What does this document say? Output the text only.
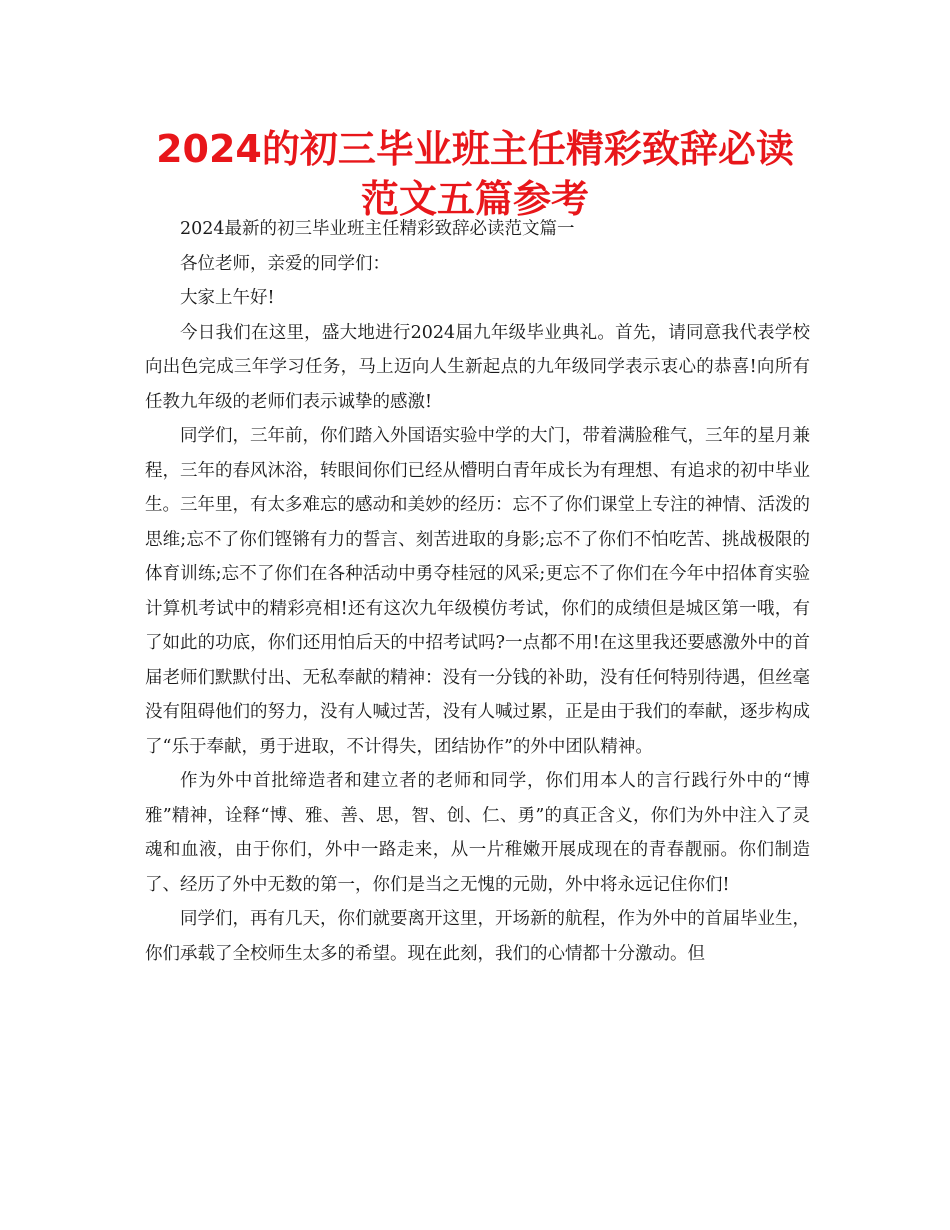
2024的初三毕业班主任精彩致辞必读范文五篇参考

2024最新的初三毕业班主任精彩致辞必读范文篇一

各位老师，亲爱的同学们：

大家上午好!

今日我们在这里，盛大地进行2024届九年级毕业典礼。首先，请同意我代表学校向出色完成三年学习任务，马上迈向人生新起点的九年级同学表示衷心的恭喜!向所有任教九年级的老师们表示诚挚的感激!

同学们，三年前，你们踏入外国语实验中学的大门，带着满脸稚气，三年的星月兼程，三年的春风沐浴，转眼间你们已经从懵明白青年成长为有理想、有追求的初中毕业生。三年里，有太多难忘的感动和美妙的经历：忘不了你们课堂上专注的神情、活泼的思维;忘不了你们铿锵有力的誓言、刻苦进取的身影;忘不了你们不怕吃苦、挑战极限的体育训练;忘不了你们在各种活动中勇夺桂冠的风采;更忘不了你们在今年中招体育实验计算机考试中的精彩亮相!还有这次九年级模仿考试，你们的成绩但是城区第一哦，有了如此的功底，你们还用怕后天的中招考试吗?一点都不用!在这里我还要感激外中的首届老师们默默付出、无私奉献的精神：没有一分钱的补助，没有任何特别待遇，但丝毫没有阻碍他们的努力，没有人喊过苦，没有人喊过累，正是由于我们的奉献，逐步构成了“乐于奉献，勇于进取，不计得失，团结协作”的外中团队精神。

作为外中首批缔造者和建立者的老师和同学，你们用本人的言行践行外中的“博雅”精神，诠释“博、雅、善、思，智、创、仁、勇”的真正含义，你们为外中注入了灵魂和血液，由于你们，外中一路走来，从一片稚嫩开展成现在的青春靓丽。你们制造了、经历了外中无数的第一，你们是当之无愧的元勋，外中将永远记住你们!

同学们，再有几天，你们就要离开这里，开场新的航程，作为外中的首届毕业生，你们承载了全校师生太多的希望。现在此刻，我们的心情都十分激动。但
